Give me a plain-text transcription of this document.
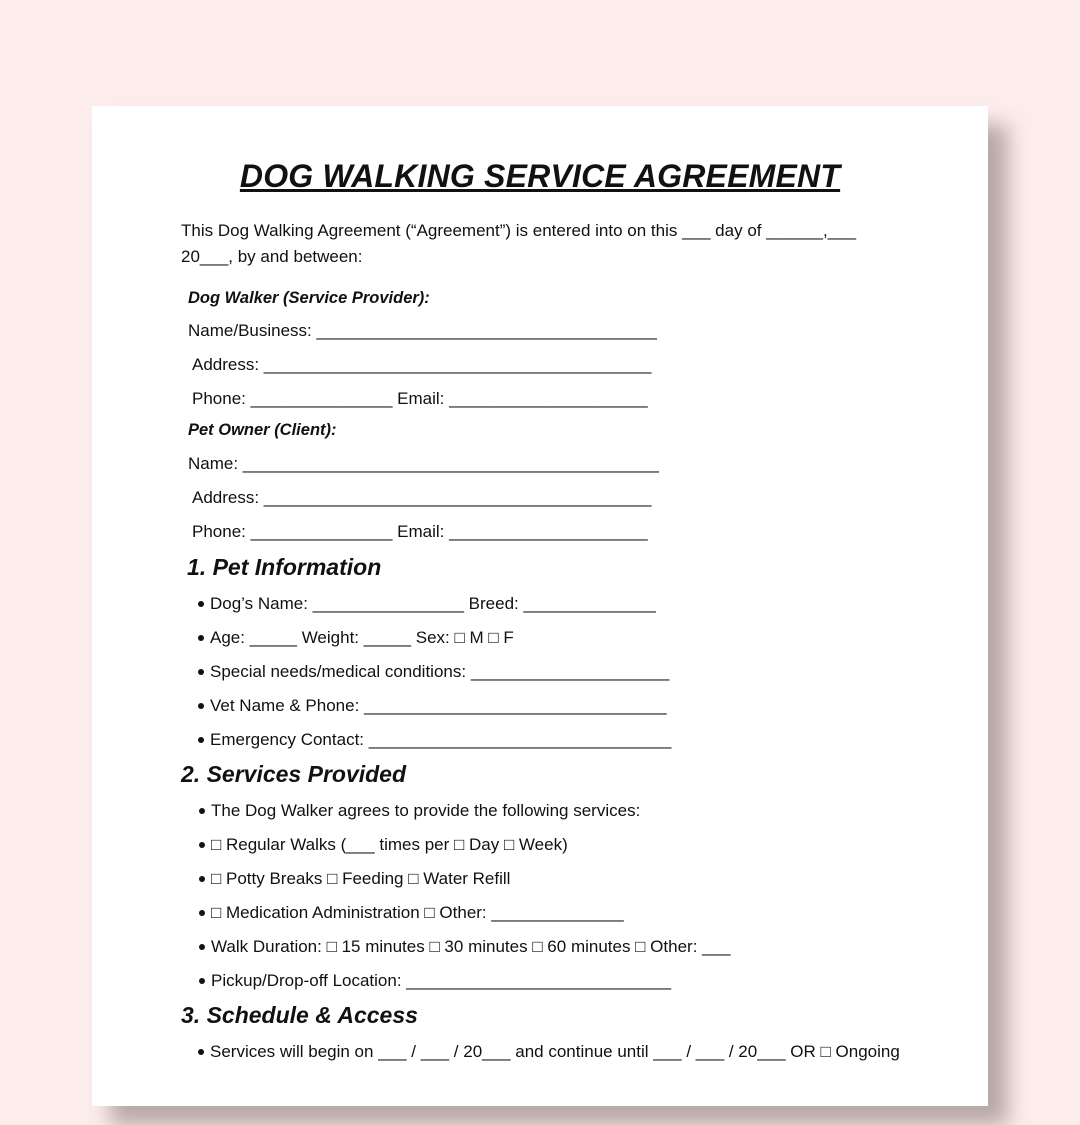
DOG WALKING SERVICE AGREEMENT
This Dog Walking Agreement (“Agreement”) is entered into on this ___ day of ______,___
20___, by and between:
Dog Walker (Service Provider):
Name/Business: ____________________________________
Address: _________________________________________
Phone: _______________ Email: _____________________
Pet Owner (Client):
Name: ____________________________________________
Address: _________________________________________
Phone: _______________ Email: _____________________
1. Pet Information
Dog’s Name: ________________ Breed: ______________
Age: _____ Weight: _____ Sex: □ M □ F
Special needs/medical conditions: _____________________
Vet Name & Phone: ________________________________
Emergency Contact: ________________________________
2. Services Provided
The Dog Walker agrees to provide the following services:
□ Regular Walks (___ times per □ Day □ Week)
□ Potty Breaks □ Feeding □ Water Refill
□ Medication Administration □ Other: ______________
Walk Duration: □ 15 minutes □ 30 minutes □ 60 minutes □ Other: ___
Pickup/Drop-off Location: ____________________________
3. Schedule & Access
Services will begin on ___ / ___ / 20___ and continue until ___ / ___ / 20___ OR □ Ongoing
